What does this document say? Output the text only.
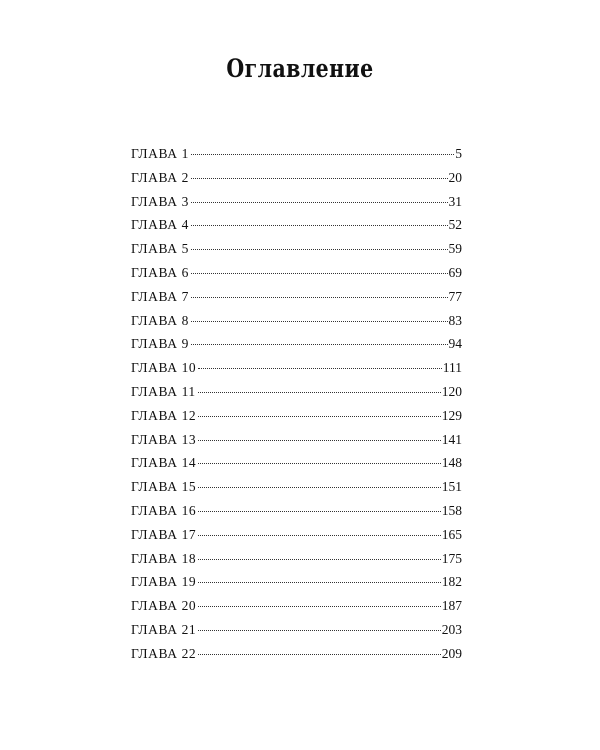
Оглавление
ГЛАВА 1	5
ГЛАВА 2	20
ГЛАВА 3	31
ГЛАВА 4	52
ГЛАВА 5	59
ГЛАВА 6	69
ГЛАВА 7	77
ГЛАВА 8	83
ГЛАВА 9	94
ГЛАВА 10	111
ГЛАВА 11	120
ГЛАВА 12	129
ГЛАВА 13	141
ГЛАВА 14	148
ГЛАВА 15	151
ГЛАВА 16	158
ГЛАВА 17	165
ГЛАВА 18	175
ГЛАВА 19	182
ГЛАВА 20	187
ГЛАВА 21	203
ГЛАВА 22	209
